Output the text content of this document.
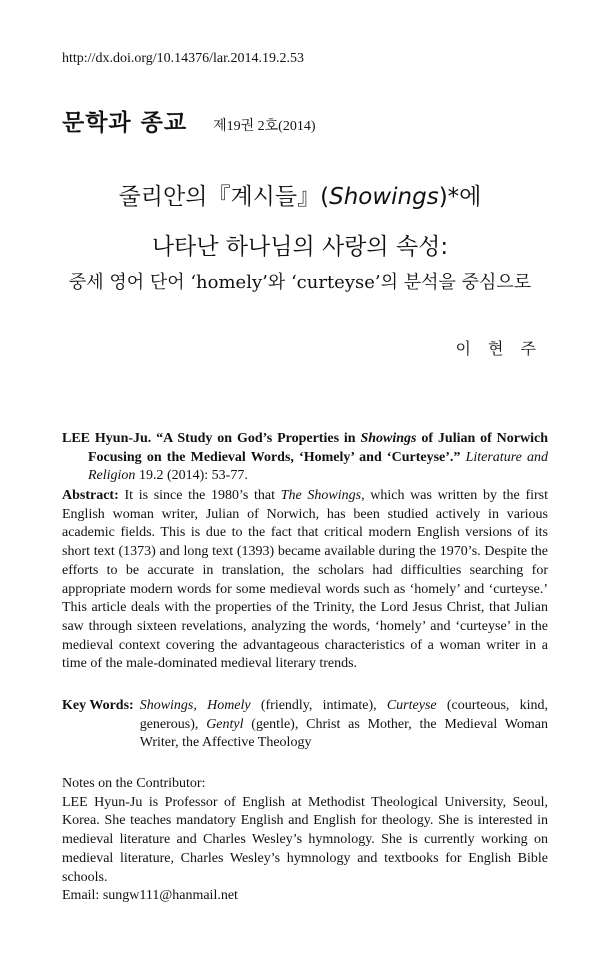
http://dx.doi.org/10.14376/lar.2014.19.2.53
문학과 종교 제19권 2호(2014)
줄리안의『계시들』(Showings)*에
나타난 하나님의 사랑의 속성:
중세 영어 단어 ‘homely’와 ‘curteyse’의 분석을 중심으로
이 현 주
LEE Hyun-Ju. “A Study on God’s Properties in Showings of Julian of Norwich Focusing on the Medieval Words, ‘Homely’ and ‘Curteyse’.” Literature and Religion 19.2 (2014): 53-77.
Abstract: It is since the 1980’s that The Showings, which was written by the first English woman writer, Julian of Norwich, has been studied actively in various academic fields. This is due to the fact that critical modern English versions of its short text (1373) and long text (1393) became available during the 1970’s. Despite the efforts to be accurate in translation, the scholars had difficulties searching for appropriate modern words for some medieval words such as ‘homely’ and ‘curteyse.’ This article deals with the properties of the Trinity, the Lord Jesus Christ, that Julian saw through sixteen revelations, analyzing the words, ‘homely’ and ‘curteyse’ in the medieval context covering the advantageous characteristics of a woman writer in a time of the male-dominated medieval literary trends.
Key Words: Showings, Homely (friendly, intimate), Curteyse (courteous, kind, generous), Gentyl (gentle), Christ as Mother, the Medieval Woman Writer, the Affective Theology
Notes on the Contributor:
LEE Hyun-Ju is Professor of English at Methodist Theological University, Seoul, Korea. She teaches mandatory English and English for theology. She is interested in medieval literature and Charles Wesley’s hymnology. She is currently working on medieval literature, Charles Wesley’s hymnology and textbooks for English Bible schools.
Email: sungw111@hanmail.net
